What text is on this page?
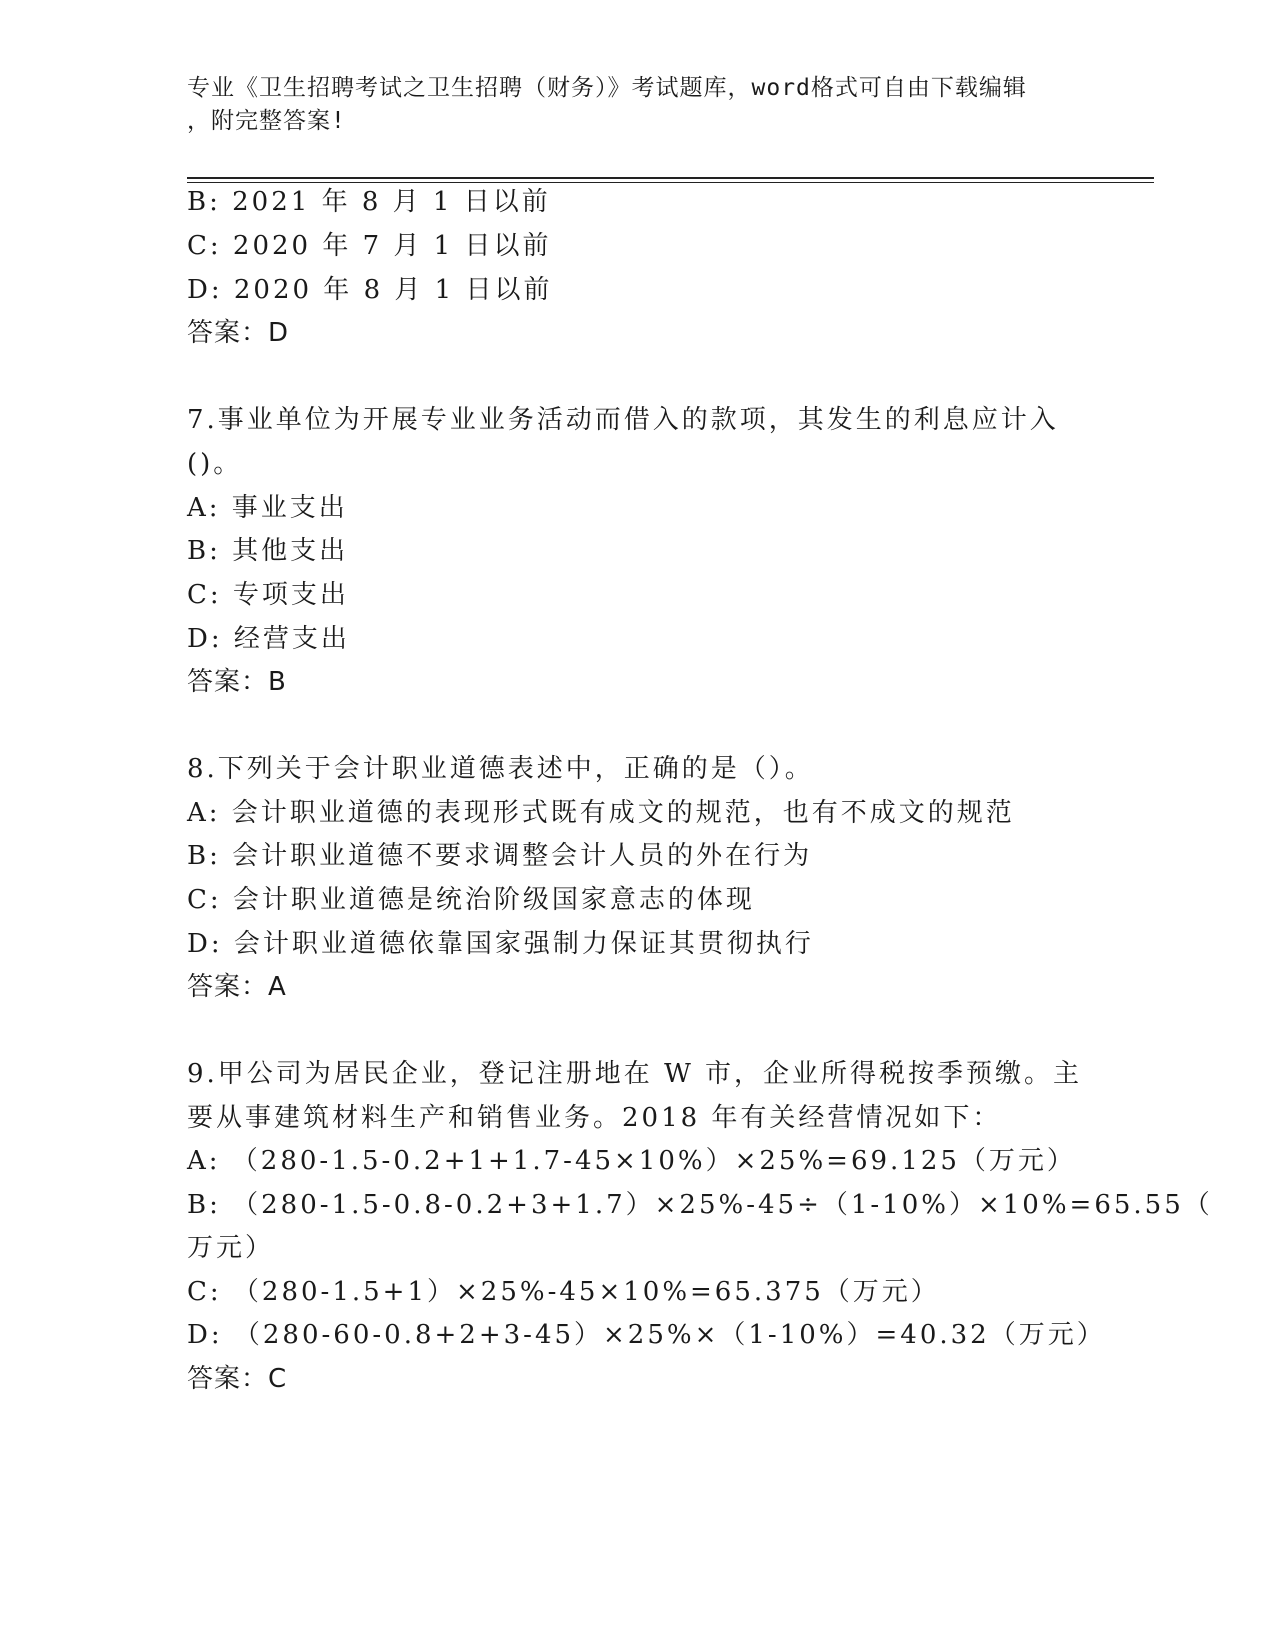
专业《卫生招聘考试之卫生招聘（财务）》考试题库，word格式可自由下载编辑
，附完整答案!
B: 2021 年 8 月 1 日以前
C: 2020 年 7 月 1 日以前
D: 2020 年 8 月 1 日以前
答案：D
7.事业单位为开展专业业务活动而借入的款项，其发生的利息应计入
()。
A: 事业支出
B: 其他支出
C: 专项支出
D: 经营支出
答案：B
8.下列关于会计职业道德表述中，正确的是（）。
A: 会计职业道德的表现形式既有成文的规范，也有不成文的规范
B: 会计职业道德不要求调整会计人员的外在行为
C: 会计职业道德是统治阶级国家意志的体现
D: 会计职业道德依靠国家强制力保证其贯彻执行
答案：A
9.甲公司为居民企业，登记注册地在 W 市，企业所得税按季预缴。主
要从事建筑材料生产和销售业务。2018 年有关经营情况如下：
A: （280-1.5-0.2+1+1.7-45×10%）×25%=69.125（万元）
B: （280-1.5-0.8-0.2+3+1.7）×25%-45÷（1-10%）×10%=65.55（
万元）
C: （280-1.5+1）×25%-45×10%=65.375（万元）
D: （280-60-0.8+2+3-45）×25%×（1-10%）=40.32（万元）
答案：C
